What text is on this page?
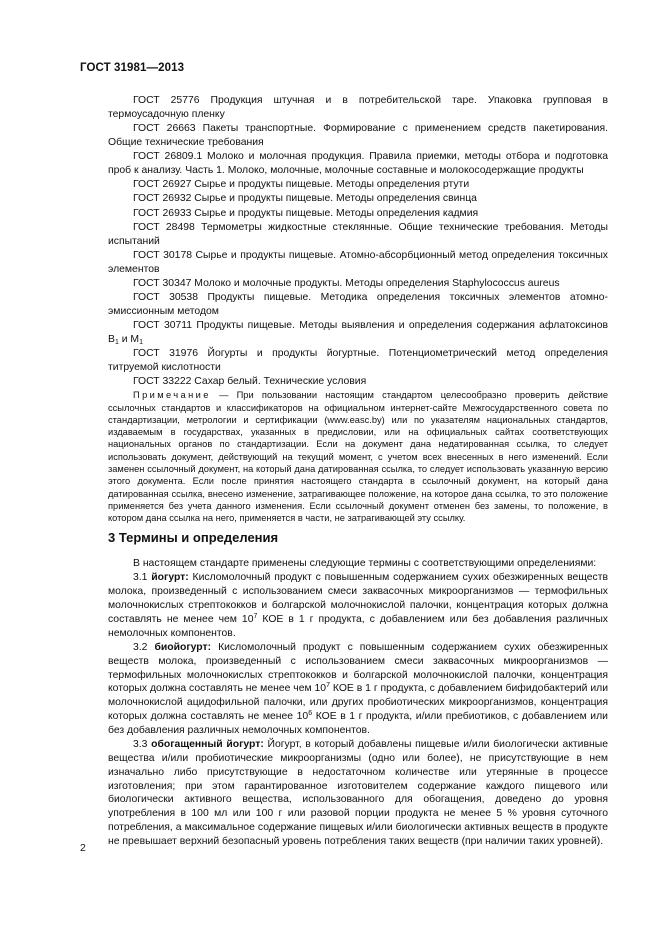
ГОСТ 31981—2013

ГОСТ 25776 Продукция штучная и в потребительской таре. Упаковка групповая в термоусадочную пленку

ГОСТ 26663 Пакеты транспортные. Формирование с применением средств пакетирования. Общие технические требования

ГОСТ 26809.1 Молоко и молочная продукция. Правила приемки, методы отбора и подготовка проб к анализу. Часть 1. Молоко, молочные, молочные составные и молокосодержащие продукты

ГОСТ 26927 Сырье и продукты пищевые. Методы определения ртути

ГОСТ 26932 Сырье и продукты пищевые. Методы определения свинца

ГОСТ 26933 Сырье и продукты пищевые. Методы определения кадмия

ГОСТ 28498 Термометры жидкостные стеклянные. Общие технические требования. Методы испытаний

ГОСТ 30178 Сырье и продукты пищевые. Атомно-абсорбционный метод определения токсичных элементов

ГОСТ 30347 Молоко и молочные продукты. Методы определения Staphylococcus aureus

ГОСТ 30538 Продукты пищевые. Методика определения токсичных элементов атомно-эмиссионным методом

ГОСТ 30711 Продукты пищевые. Методы выявления и определения содержания афлатоксинов $B_1$ и $M_1$

ГОСТ 31976 Йогурты и продукты йогуртные. Потенциометрический метод определения титруемой кислотности

ГОСТ 33222 Сахар белый. Технические условия

Примечание — При пользовании настоящим стандартом целесообразно проверить действие ссылочных стандартов и классификаторов на официальном интернет-сайте Межгосударственного совета по стандартизации, метрологии и сертификации (www.easc.by) или по указателям национальных стандартов, издаваемым в государствах, указанных в предисловии, или на официальных сайтах соответствующих национальных органов по стандартизации. Если на документ дана недатированная ссылка, то следует использовать документ, действующий на текущий момент, с учетом всех внесенных в него изменений. Если заменен ссылочный документ, на который дана датированная ссылка, то следует использовать указанную версию этого документа. Если после принятия настоящего стандарта в ссылочный документ, на который дана датированная ссылка, внесено изменение, затрагивающее положение, на которое дана ссылка, то это положение применяется без учета данного изменения. Если ссылочный документ отменен без замены, то положение, в котором дана ссылка на него, применяется в части, не затрагивающей эту ссылку.

3 Термины и определения

В настоящем стандарте применены следующие термины с соответствующими определениями:

3.1 йогурт: Кисломолочный продукт с повышенным содержанием сухих обезжиренных веществ молока, произведенный с использованием смеси заквасочных микроорганизмов — термофильных молочнокислых стрептококков и болгарской молочнокислой палочки, концентрация которых должна составлять не менее чем $10^7$ КОЕ в 1 г продукта, с добавлением или без добавления различных немолочных компонентов.

3.2 биойогурт: Кисломолочный продукт с повышенным содержанием сухих обезжиренных веществ молока, произведенный с использованием смеси заквасочных микроорганизмов — термофильных молочнокислых стрептококков и болгарской молочнокислой палочки, концентрация которых должна составлять не менее чем $10^7$ КОЕ в 1 г продукта, с добавлением бифидобактерий или молочнокислой ацидофильной палочки, или других пробиотических микроорганизмов, концентрация которых должна составлять не менее $10^6$ КОЕ в 1 г продукта, и/или пребиотиков, с добавлением или без добавления различных немолочных компонентов.

3.3 обогащенный йогурт: Йогурт, в который добавлены пищевые и/или биологически активные вещества и/или пробиотические микроорганизмы (одно или более), не присутствующие в нем изначально либо присутствующие в недостаточном количестве или утерянные в процессе изготовления; при этом гарантированное изготовителем содержание каждого пищевого или биологически активного вещества, использованного для обогащения, доведено до уровня употребления в 100 мл или 100 г или разовой порции продукта не менее 5 % уровня суточного потребления, а максимальное содержание пищевых и/или биологически активных веществ в продукте не превышает верхний безопасный уровень потребления таких веществ (при наличии таких уровней).

2
